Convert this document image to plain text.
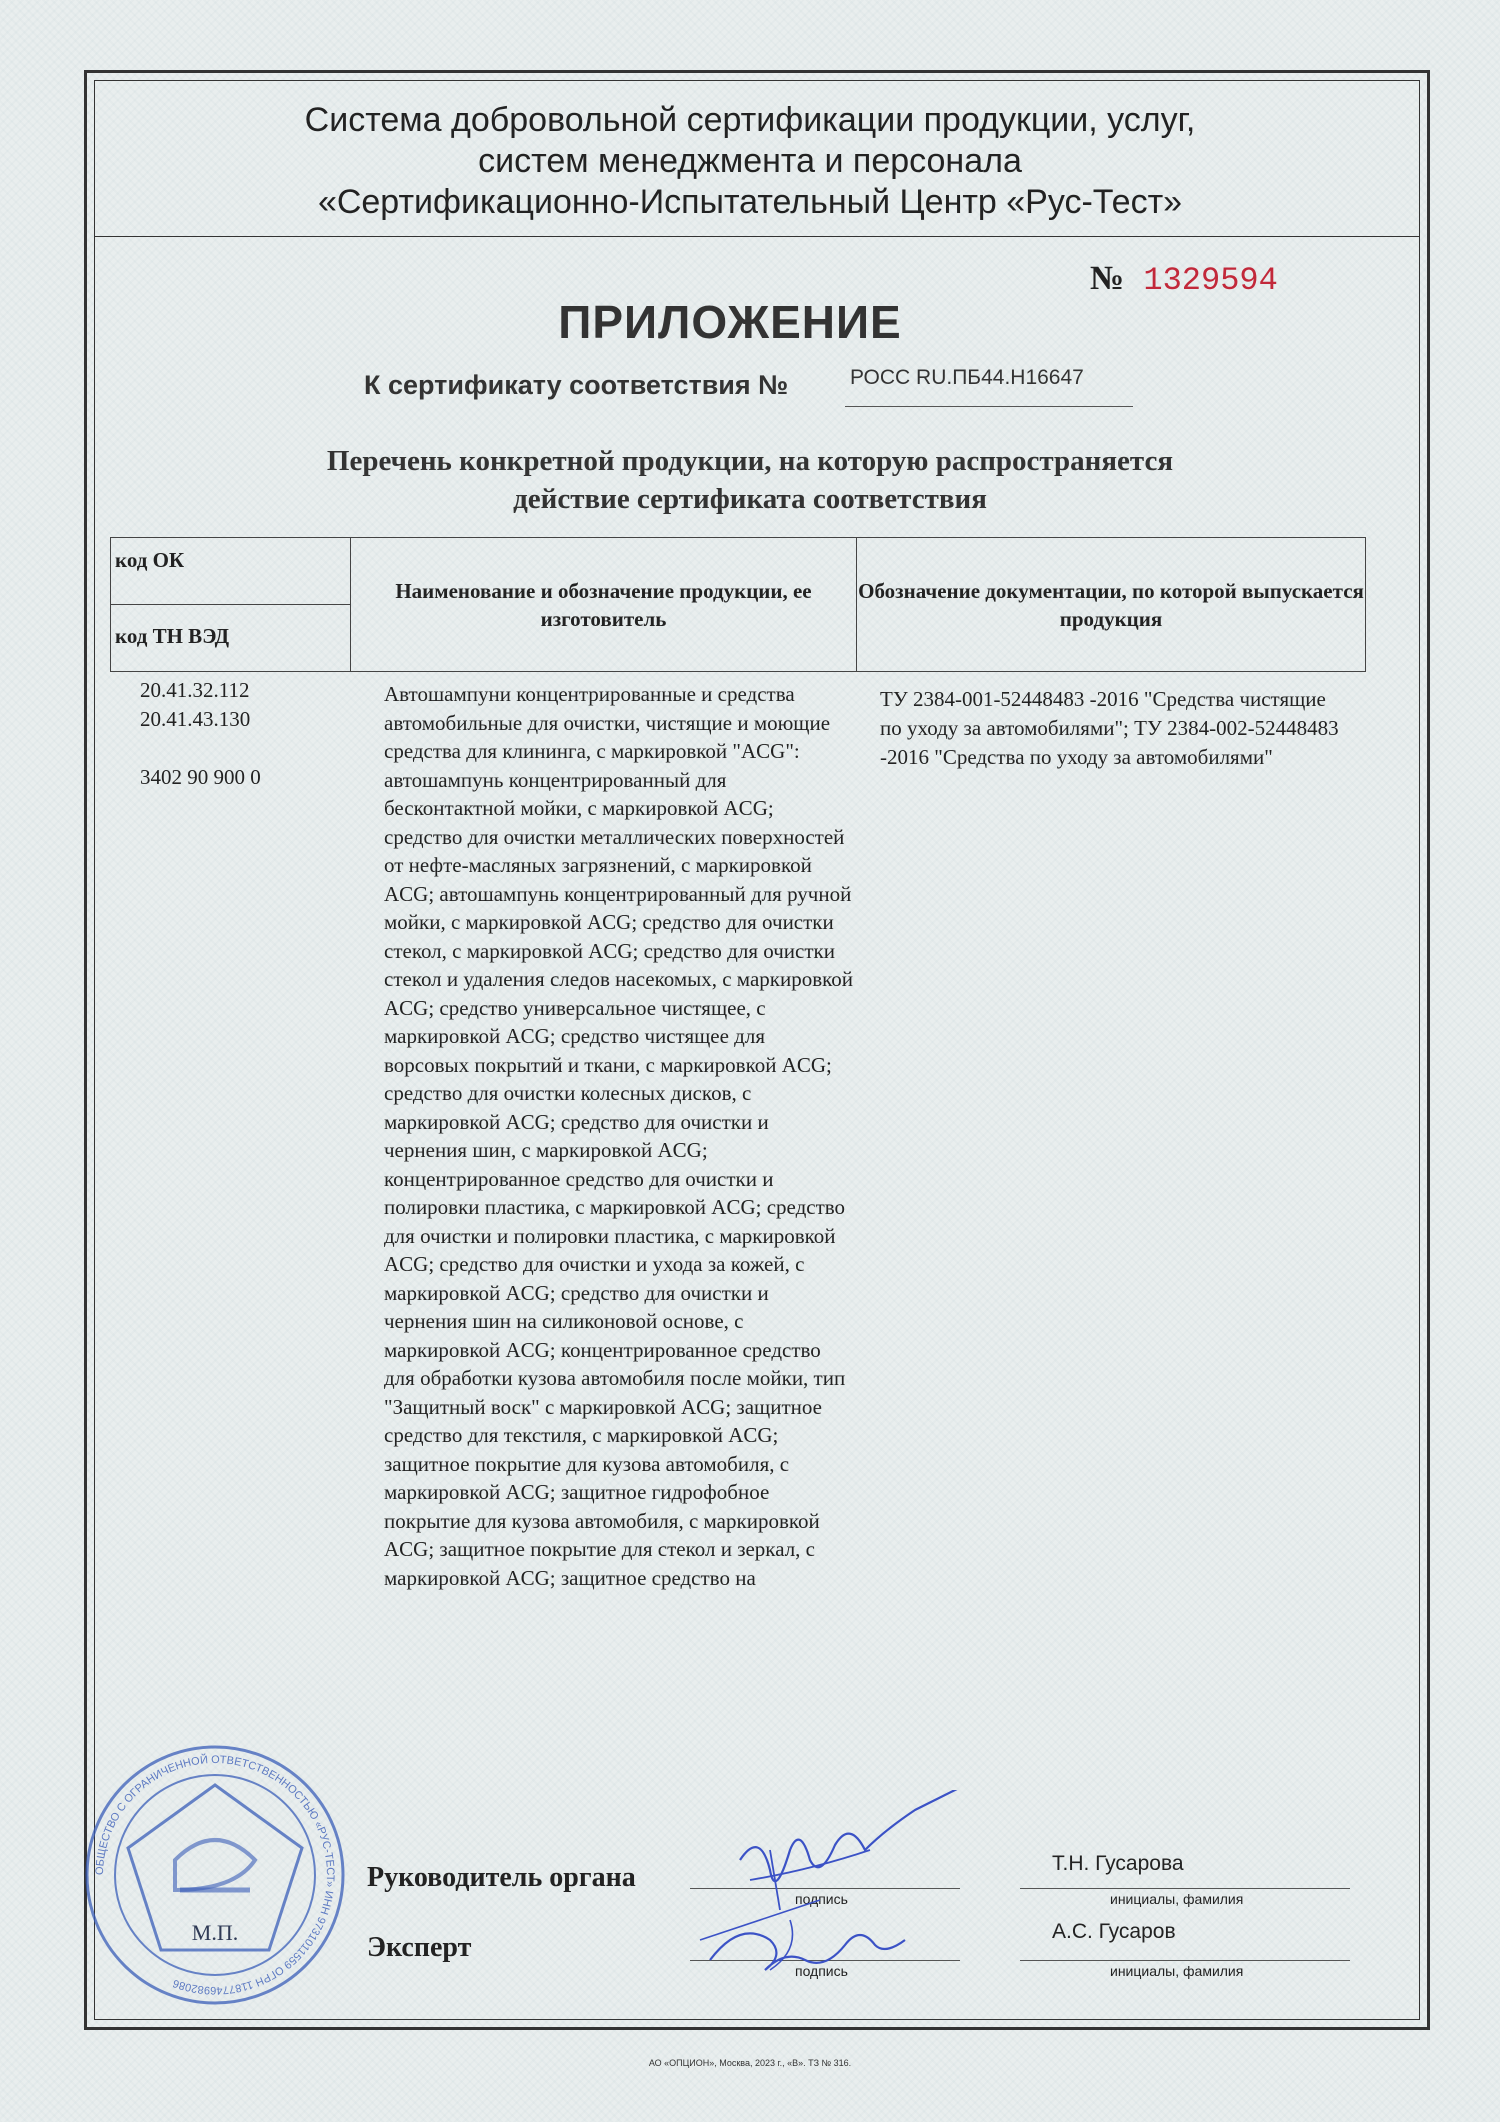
Система добровольной сертификации продукции, услуг,
систем менеджмента и персонала
«Сертификационно-Испытательный Центр «Рус-Тест»
№ 1329594
ПРИЛОЖЕНИЕ
К сертификату соответствия №	РОСС RU.ПБ44.Н16647
Перечень конкретной продукции, на которую распространяется
действие сертификата соответствия
код ОК
код ТН ВЭД
Наименование и обозначение продукции, ее изготовитель
Обозначение документации, по которой выпускается продукция
20.41.32.112
20.41.43.130
3402 90 900 0
Автошампуни концентрированные и средства автомобильные для очистки, чистящие и моющие средства для клининга, с маркировкой "ACG": автошампунь концентрированный для бесконтактной мойки, с маркировкой ACG; средство для очистки металлических поверхностей от нефте-масляных загрязнений, с маркировкой ACG; автошампунь концентрированный для ручной мойки, с маркировкой ACG; средство для очистки стекол, с маркировкой ACG; средство для очистки стекол и удаления следов насекомых, с маркировкой ACG; средство универсальное чистящее, с маркировкой ACG; средство чистящее для ворсовых покрытий и ткани, с маркировкой ACG; средство для очистки колесных дисков, с маркировкой ACG; средство для очистки и чернения шин, с маркировкой ACG; концентрированное средство для очистки и полировки пластика, с маркировкой ACG; средство для очистки и полировки пластика, с маркировкой ACG; средство для очистки и ухода за кожей, с маркировкой ACG; средство для очистки и чернения шин на силиконовой основе, с маркировкой ACG; концентрированное средство для обработки кузова автомобиля после мойки, тип "Защитный воск" с маркировкой ACG; защитное средство для текстиля, с маркировкой ACG; защитное покрытие для кузова автомобиля, с маркировкой ACG; защитное гидрофобное покрытие для кузова автомобиля, с маркировкой ACG; защитное покрытие для стекол и зеркал, с маркировкой ACG; защитное средство на
ТУ 2384-001-52448483 -2016 "Средства чистящие по уходу за автомобилями"; ТУ 2384-002-52448483 -2016 "Средства по уходу за автомобилями"
ОБЩЕСТВО С ОГРАНИЧЕННОЙ ОТВЕТСТВЕННОСТЬЮ «РУС-ТЕСТ» ИНН 9731011559 ОГРН 1187746982086
М.П.
Руководитель органа
Эксперт
подпись
подпись
Т.Н. Гусарова
А.С. Гусаров
инициалы, фамилия
инициалы, фамилия
АО «ОПЦИОН», Москва, 2023 г., «В». ТЗ № 316.
